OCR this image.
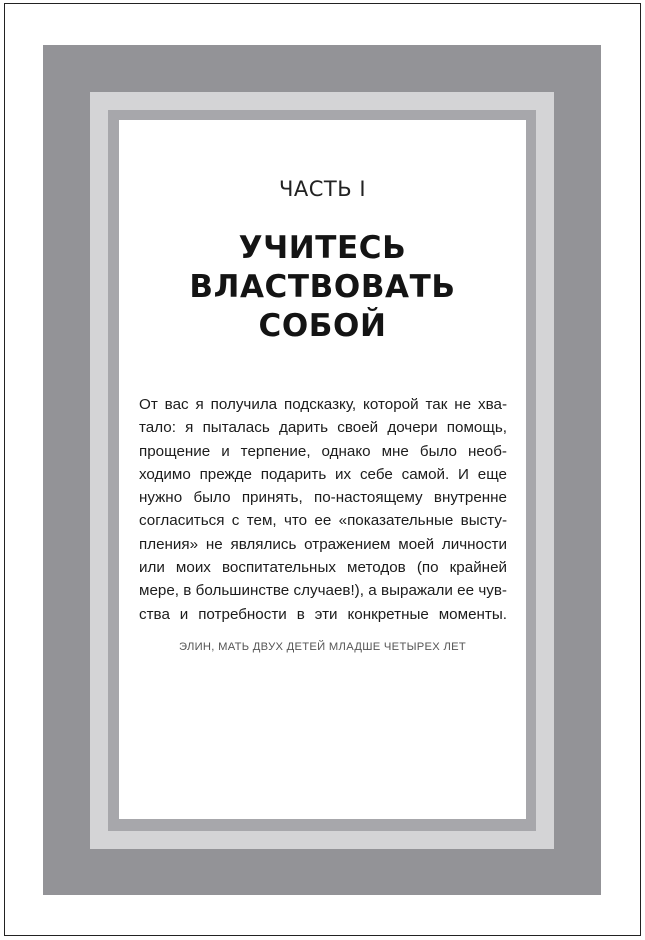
ЧАСТЬ I
УЧИТЕСЬ
ВЛАСТВОВАТЬ
СОБОЙ
От вас я получила подсказку, которой так не хва-
тало: я пыталась дарить своей дочери помощь,
прощение и терпение, однако мне было необ-
ходимо прежде подарить их себе самой. И еще
нужно было принять, по-настоящему внутренне
согласиться с тем, что ее «показательные высту-
пления» не являлись отражением моей личности
или моих воспитательных методов (по крайней
мере, в большинстве случаев!), а выражали ее чув-
ства и потребности в эти конкретные моменты.
ЭЛИН, МАТЬ ДВУХ ДЕТЕЙ МЛАДШЕ ЧЕТЫРЕХ ЛЕТ
